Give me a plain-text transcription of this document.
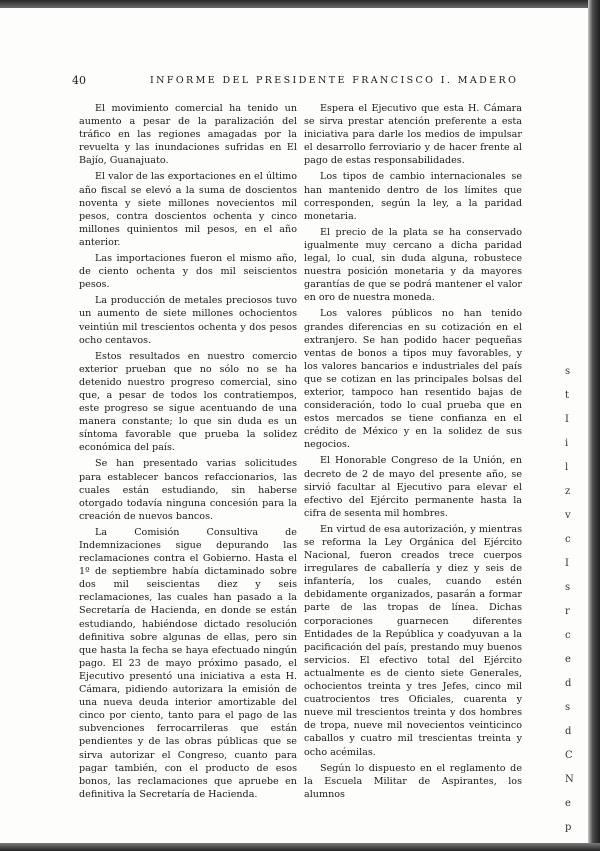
s
t
I
i
l
z
v
c
I
s
r
c
e
d
s
d
C
N
e
p
40	INFORME DEL PRESIDENTE FRANCISCO I. MADERO

El movimiento comercial ha tenido un aumento a pesar de la paralización del tráfico en las regiones amagadas por la revuelta y las inundaciones sufridas en El Bajío, Guanajuato.

El valor de las exportaciones en el último año fiscal se elevó a la suma de doscientos noventa y siete millones novecientos mil pesos, contra doscientos ochenta y cinco millones quinientos mil pesos, en el año anterior.

Las importaciones fueron el mismo año, de ciento ochenta y dos mil seiscientos pesos.

La producción de metales preciosos tuvo un aumento de siete millones ochocientos veintiún mil trescientos ochenta y dos pesos ocho centavos.

Estos resultados en nuestro comercio exterior prueban que no sólo no se ha detenido nuestro progreso comercial, sino que, a pesar de todos los contratiempos, este progreso se sigue acentuando de una manera constante; lo que sin duda es un síntoma favorable que prueba la solidez económica del país.

Se han presentado varias solicitudes para establecer bancos refaccionarios, las cuales están estudiando, sin haberse otorgado todavía ninguna concesión para la creación de nuevos bancos.

La Comisión Consultiva de Indemnizaciones sigue depurando las reclamaciones contra el Gobierno. Hasta el 1º de septiembre había dictaminado sobre dos mil seiscientas diez y seis reclamaciones, las cuales han pasado a la Secretaría de Hacienda, en donde se están estudiando, habiéndose dictado resolución definitiva sobre algunas de ellas, pero sin que hasta la fecha se haya efectuado ningún pago. El 23 de mayo próximo pasado, el Ejecutivo presentó una iniciativa a esta H. Cámara, pidiendo autorizara la emisión de una nueva deuda interior amortizable del cinco por ciento, tanto para el pago de las subvenciones ferrocarrileras que están pendientes y de las obras públicas que se sirva autorizar el Congreso, cuanto para pagar también, con el producto de esos bonos, las reclamaciones que apruebe en definitiva la Secretaría de Hacienda.

Espera el Ejecutivo que esta H. Cámara se sirva prestar atención preferente a esta iniciativa para darle los medios de impulsar el desarrollo ferroviario y de hacer frente al pago de estas responsabilidades.

Los tipos de cambio internacionales se han mantenido dentro de los límites que corresponden, según la ley, a la paridad monetaria.

El precio de la plata se ha conservado igualmente muy cercano a dicha paridad legal, lo cual, sin duda alguna, robustece nuestra posición monetaria y da mayores garantías de que se podrá mantener el valor en oro de nuestra moneda.

Los valores públicos no han tenido grandes diferencias en su cotización en el extranjero. Se han podido hacer pequeñas ventas de bonos a tipos muy favorables, y los valores bancarios e industriales del país que se cotizan en las principales bolsas del exterior, tampoco han resentido bajas de consideración, todo lo cual prueba que en estos mercados se tiene confianza en el crédito de México y en la solidez de sus negocios.

El Honorable Congreso de la Unión, en decreto de 2 de mayo del presente año, se sirvió facultar al Ejecutivo para elevar el efectivo del Ejército permanente hasta la cifra de sesenta mil hombres.

En virtud de esa autorización, y mientras se reforma la Ley Orgánica del Ejército Nacional, fueron creados trece cuerpos irregulares de caballería y diez y seis de infantería, los cuales, cuando estén debidamente organizados, pasarán a formar parte de las tropas de línea. Dichas corporaciones guarnecen diferentes Entidades de la República y coadyuvan a la pacificación del país, prestando muy buenos servicios. El efectivo total del Ejército actualmente es de ciento siete Generales, ochocientos treinta y tres Jefes, cinco mil cuatrocientos tres Oficiales, cuarenta y nueve mil trescientos treinta y dos hombres de tropa, nueve mil novecientos veinticinco caballos y cuatro mil trescientas treinta y ocho acémilas.

Según lo dispuesto en el reglamento de la Escuela Militar de Aspirantes, los alumnos
